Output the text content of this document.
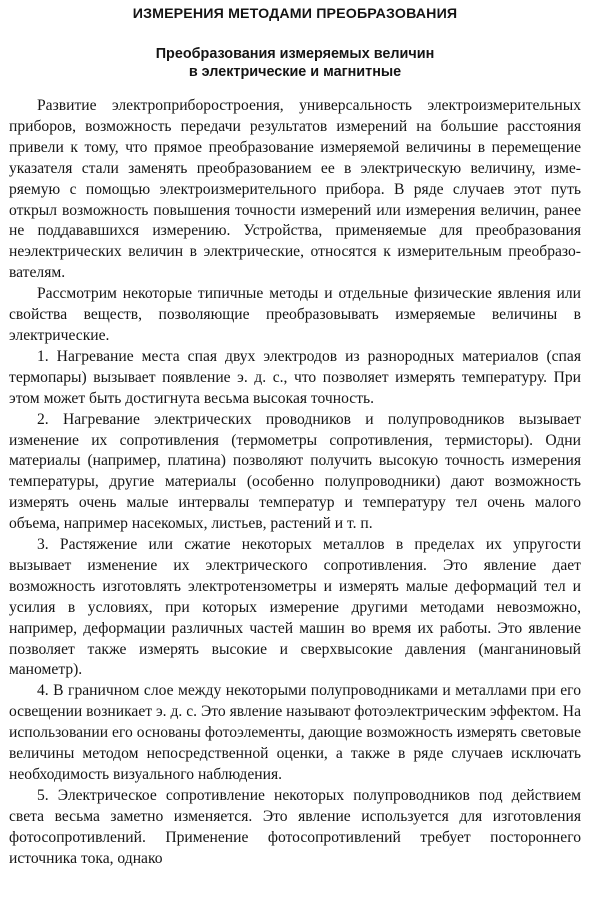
ИЗМЕРЕНИЯ МЕТОДАМИ ПРЕОБРАЗОВАНИЯ
Преобразования измеряемых величин
в электрические и магнитные

Развитие электроприборостроения, универсальность электроизмерительных приборов, возможность передачи результатов измерений на большие расстояния привели к тому, что прямое преобразование измеряемой величины в перемещение указателя стали заменять преобразованием ее в электрическую величину, измеряемую с помощью электроизмерительного прибора. В ряде случаев этот путь открыл возможность повышения точности измерений или измерения величин, ранее не поддававшихся измерению. Устройства, применяемые для преобразования неэлектрических величин в электрические, относятся к измерительным преобразователям.

Рассмотрим некоторые типичные методы и отдельные физические явления или свойства веществ, позволяющие преобразовывать измеряемые величины в электрические.

1. Нагревание места спая двух электродов из разнородных материалов (спая термопары) вызывает появление э. д. с., что позволяет измерять температуру. При этом может быть достигнута весьма высокая точность.

2. Нагревание электрических проводников и полупроводников вызывает изменение их сопротивления (термометры сопротивления, термисторы). Одни материалы (например, платина) позволяют получить высокую точность измерения температуры, другие материалы (особенно полупроводники) дают возможность измерять очень малые интервалы температур и температуру тел очень малого объема, например насекомых, листьев, растений и т. п.

3. Растяжение или сжатие некоторых металлов в пределах их упругости вызывает изменение их электрического сопротивления. Это явление дает возможность изготовлять электротензометры и измерять малые деформаций тел и усилия в условиях, при которых измерение другими методами невозможно, например, деформации различных частей машин во время их работы. Это явление позволяет также измерять высокие и сверхвысокие давления (манганиновый манометр).

4. В граничном слое между некоторыми полупроводниками и металлами при его освещении возникает э. д. с. Это явление называют фотоэлектрическим эффектом. На использовании его основаны фотоэлементы, дающие возможность измерять световые величины методом непосредственной оценки, а также в ряде случаев исключать необходимость визуального наблюдения.

5. Электрическое сопротивление некоторых полупроводников под действием света весьма заметно изменяется. Это явление используется для изготовления фотосопротивлений. Применение фотосопротивлений требует постороннего источника тока, однако
